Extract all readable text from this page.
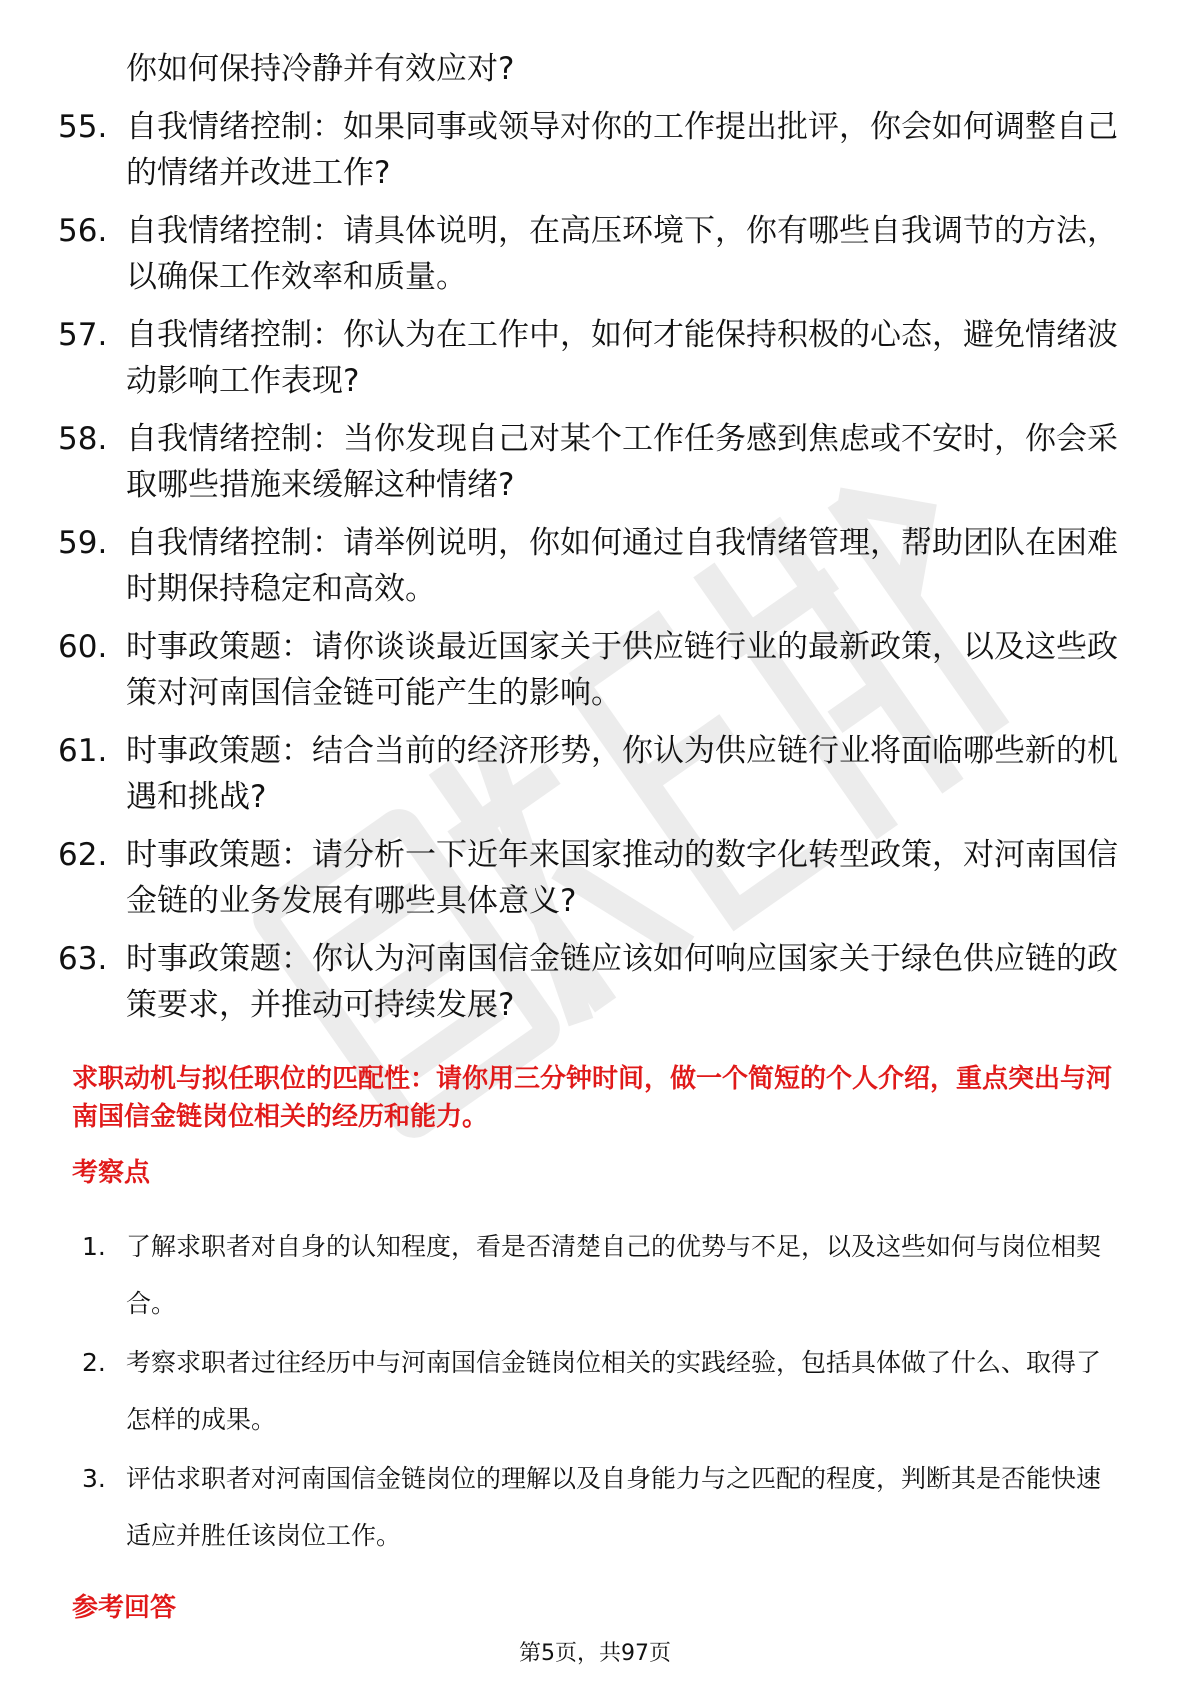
你如何保持冷静并有效应对?
55. 自我情绪控制：如果同事或领导对你的工作提出批评，你会如何调整自己的情绪并改进工作?
56. 自我情绪控制：请具体说明，在高压环境下，你有哪些自我调节的方法，以确保工作效率和质量。
57. 自我情绪控制：你认为在工作中，如何才能保持积极的心态，避免情绪波动影响工作表现?
58. 自我情绪控制：当你发现自己对某个工作任务感到焦虑或不安时，你会采取哪些措施来缓解这种情绪?
59. 自我情绪控制：请举例说明，你如何通过自我情绪管理，帮助团队在困难时期保持稳定和高效。
60. 时事政策题：请你谈谈最近国家关于供应链行业的最新政策，以及这些政策对河南国信金链可能产生的影响。
61. 时事政策题：结合当前的经济形势，你认为供应链行业将面临哪些新的机遇和挑战?
62. 时事政策题：请分析一下近年来国家推动的数字化转型政策，对河南国信金链的业务发展有哪些具体意义?
63. 时事政策题：你认为河南国信金链应该如何响应国家关于绿色供应链的政策要求，并推动可持续发展?
求职动机与拟任职位的匹配性：请你用三分钟时间，做一个简短的个人介绍，重点突出与河南国信金链岗位相关的经历和能力。
考察点
1. 了解求职者对自身的认知程度，看是否清楚自己的优势与不足，以及这些如何与岗位相契合。
2. 考察求职者过往经历中与河南国信金链岗位相关的实践经验，包括具体做了什么、取得了怎样的成果。
3. 评估求职者对河南国信金链岗位的理解以及自身能力与之匹配的程度，判断其是否能快速适应并胜任该岗位工作。
参考回答
第5页，共97页
